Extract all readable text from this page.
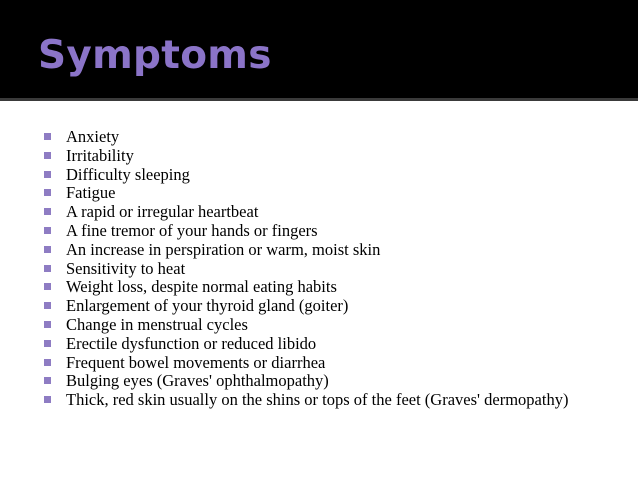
Symptoms
Anxiety
Irritability
Difficulty sleeping
Fatigue
A rapid or irregular heartbeat
A fine tremor of your hands or fingers
An increase in perspiration or warm, moist skin
Sensitivity to heat
Weight loss, despite normal eating habits
Enlargement of your thyroid gland (goiter)
Change in menstrual cycles
Erectile dysfunction or reduced libido
Frequent bowel movements or diarrhea
Bulging eyes (Graves' ophthalmopathy)
Thick, red skin usually on the shins or tops of the feet (Graves' dermopathy)
